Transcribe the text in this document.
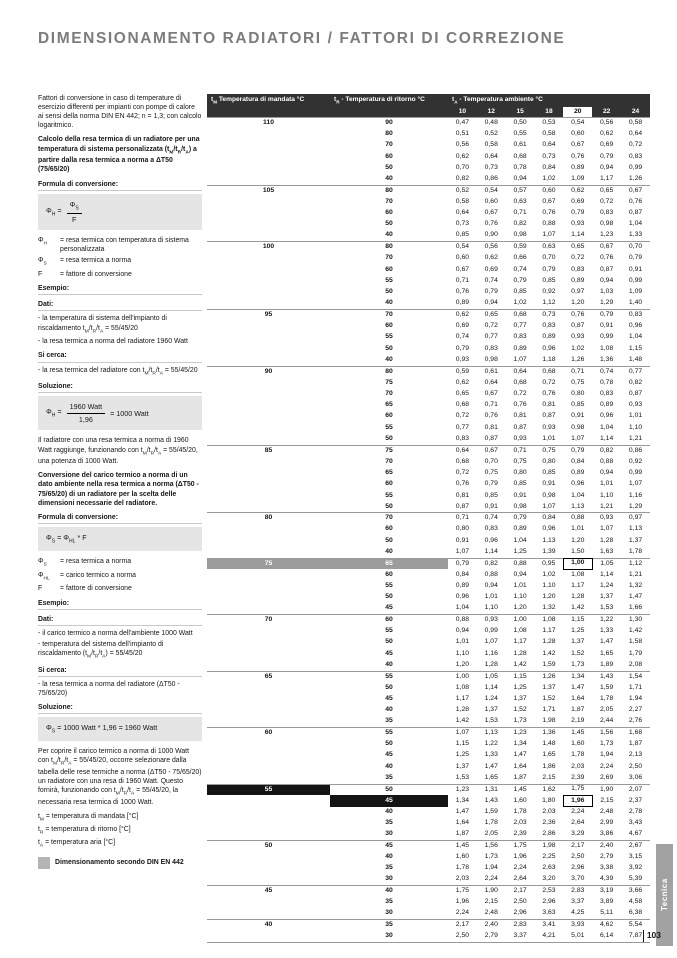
DIMENSIONAMENTO RADIATORI / FATTORI DI CORREZIONE

Fattori di conversione in caso di temperature di esercizio differenti per impianti con pompe di calore ai sensi della norma DIN EN 442; n = 1,3; con calcolo logaritmico.

Calcolo della resa termica di un radiatore per una temperatura di sistema personalizzata $(t_M/t_R/t_A)$ a partire dalla resa termica a norma a ΔT50 (75/65/20)

Formula di conversione:

$\Phi_H = \frac{\Phi_S}{F}$
$\Phi_H$	= resa termica con temperatura di sistema personalizzata
$\Phi_S$	= resa termica a norma
F	= fattore di conversione

Esempio:

Dati:

- la temperatura di sistema dell'impianto di riscaldamento $t_M/t_R/t_A = 55/45/20$

- la resa termica a norma del radiatore 1960 Watt

Si cerca:

- la resa termica del radiatore con $t_M/t_R/t_A = 55/45/20$

Soluzione:

$\Phi_H = \frac{\text{1960 Watt}}{1,96} = 1000$ Watt

Il radiatore con una resa termica a norma di 1960 Watt raggiunge, funzionando con $t_M/t_R/t_A = 55/45/20$, una potenza di 1000 Watt.

Conversione del carico termico a norma di un dato ambiente nella resa termica a norma (ΔT50 - 75/65/20) di un radiatore per la scelta delle dimensioni necessarie del radiatore.

Formula di conversione:

$\Phi_S = \Phi_{HL} * F$
$\Phi_S$	= resa termica a norma
$\Phi_{HL}$	= carico termico a norma
F	= fattore di conversione

Esempio:

Dati:

- il carico termico a norma dell'ambiente 1000 Watt

- temperatura del sistema dell'impianto di riscaldamento $(t_M/t_R/t_A) = 55/45/20$

Si cerca:

- la resa termica a norma del radiatore (ΔT50 - 75/65/20)

Soluzione:

$\Phi_S = 1000$ Watt * 1,96 = 1960 Watt

Per coprire il carico termico a norma di 1000 Watt con $t_M/t_R/t_A = 55/45/20$, occorre selezionare dalla tabella delle rese termiche a norma (ΔT50 - 75/65/20) un radiatore con una resa di 1960 Watt. Questo fornirà, funzionando con $t_M/t_R/t_A = 55/45/20$, la necessaria resa termica di 1000 Watt.

$t_M$ = temperatura di mandata [°C]

$t_R$ = temperatura di ritorno [°C]

$t_A$ = temperatura aria [°C]

Dimensionamento secondo DIN EN 442
$t_M$ Temperatura di mandata °C	$t_R$ - Temperatura di ritorno °C	$t_A$ - Temperatura ambiente °C						
		10	12	15	18	20	22	24
110	90	0,47	0,48	0,50	0,53	0,54	0,56	0,58
	80	0,51	0,52	0,55	0,58	0,60	0,62	0,64
	70	0,56	0,58	0,61	0,64	0,67	0,69	0,72
	60	0,62	0,64	0,68	0,73	0,76	0,79	0,83
	50	0,70	0,73	0,78	0,84	0,89	0,94	0,99
	40	0,82	0,86	0,94	1,02	1,09	1,17	1,26
105	80	0,52	0,54	0,57	0,60	0,62	0,65	0,67
	70	0,58	0,60	0,63	0,67	0,69	0,72	0,76
	60	0,64	0,67	0,71	0,76	0,79	0,83	0,87
	50	0,73	0,76	0,82	0,88	0,93	0,98	1,04
	40	0,85	0,90	0,98	1,07	1,14	1,23	1,33
100	80	0,54	0,56	0,59	0,63	0,65	0,67	0,70
	70	0,60	0,62	0,66	0,70	0,72	0,76	0,79
	60	0,67	0,69	0,74	0,79	0,83	0,87	0,91
	55	0,71	0,74	0,79	0,85	0,89	0,94	0,99
	50	0,76	0,79	0,85	0,92	0,97	1,03	1,09
	40	0,89	0,94	1,02	1,12	1,20	1,29	1,40
95	70	0,62	0,65	0,68	0,73	0,76	0,79	0,83
	60	0,69	0,72	0,77	0,83	0,87	0,91	0,96
	55	0,74	0,77	0,83	0,89	0,93	0,99	1,04
	50	0,79	0,83	0,89	0,96	1,02	1,08	1,15
	40	0,93	0,98	1,07	1,18	1,26	1,36	1,48
90	80	0,59	0,61	0,64	0,68	0,71	0,74	0,77
	75	0,62	0,64	0,68	0,72	0,75	0,78	0,82
	70	0,65	0,67	0,72	0,76	0,80	0,83	0,87
	65	0,68	0,71	0,76	0,81	0,85	0,89	0,93
	60	0,72	0,76	0,81	0,87	0,91	0,96	1,01
	55	0,77	0,81	0,87	0,93	0,98	1,04	1,10
	50	0,83	0,87	0,93	1,01	1,07	1,14	1,21
85	75	0,64	0,67	0,71	0,75	0,79	0,82	0,86
	70	0,68	0,70	0,75	0,80	0,84	0,88	0,92
	65	0,72	0,75	0,80	0,85	0,89	0,94	0,99
	60	0,76	0,79	0,85	0,91	0,96	1,01	1,07
	55	0,81	0,85	0,91	0,98	1,04	1,10	1,16
	50	0,87	0,91	0,98	1,07	1,13	1,21	1,29
80	70	0,71	0,74	0,79	0,84	0,88	0,93	0,97
	60	0,80	0,83	0,89	0,96	1,01	1,07	1,13
	50	0,91	0,96	1,04	1,13	1,20	1,28	1,37
	40	1,07	1,14	1,25	1,39	1,50	1,63	1,78
75	65	0,79	0,82	0,88	0,95	1,00	1,05	1,12
	60	0,84	0,88	0,94	1,02	1,08	1,14	1,21
	55	0,89	0,94	1,01	1,10	1,17	1,24	1,32
	50	0,96	1,01	1,10	1,20	1,28	1,37	1,47
	45	1,04	1,10	1,20	1,32	1,42	1,53	1,66
70	60	0,88	0,93	1,00	1,08	1,15	1,22	1,30
	55	0,94	0,99	1,08	1,17	1,25	1,33	1,42
	50	1,01	1,07	1,17	1,28	1,37	1,47	1,58
	45	1,10	1,16	1,28	1,42	1,52	1,65	1,79
	40	1,20	1,28	1,42	1,59	1,73	1,89	2,08
65	55	1,00	1,05	1,15	1,26	1,34	1,43	1,54
	50	1,08	1,14	1,25	1,37	1,47	1,59	1,71
	45	1,17	1,24	1,37	1,52	1,64	1,78	1,94
	40	1,28	1,37	1,52	1,71	1,87	2,05	2,27
	35	1,42	1,53	1,73	1,98	2,19	2,44	2,76
60	55	1,07	1,13	1,23	1,36	1,45	1,56	1,68
	50	1,15	1,22	1,34	1,48	1,60	1,73	1,87
	45	1,25	1,33	1,47	1,65	1,78	1,94	2,13
	40	1,37	1,47	1,64	1,86	2,03	2,24	2,50
	35	1,53	1,65	1,87	2,15	2,39	2,69	3,06
55	50	1,23	1,31	1,45	1,62	1,75	1,90	2,07
	45	1,34	1,43	1,60	1,80	1,96	2,15	2,37
	40	1,47	1,59	1,78	2,03	2,24	2,48	2,78
	35	1,64	1,78	2,03	2,36	2,64	2,99	3,43
	30	1,87	2,05	2,39	2,86	3,29	3,86	4,67
50	45	1,45	1,56	1,75	1,98	2,17	2,40	2,67
	40	1,60	1,73	1,96	2,25	2,50	2,79	3,15
	35	1,78	1,94	2,24	2,63	2,96	3,38	3,92
	30	2,03	2,24	2,64	3,20	3,70	4,39	5,39
45	40	1,75	1,90	2,17	2,53	2,83	3,19	3,66
	35	1,96	2,15	2,50	2,96	3,37	3,89	4,58
	30	2,24	2,48	2,96	3,63	4,25	5,11	6,38
40	35	2,17	2,40	2,83	3,41	3,93	4,62	5,54
	30	2,50	2,79	3,37	4,21	5,01	6,14	7,87
Tecnica
103
